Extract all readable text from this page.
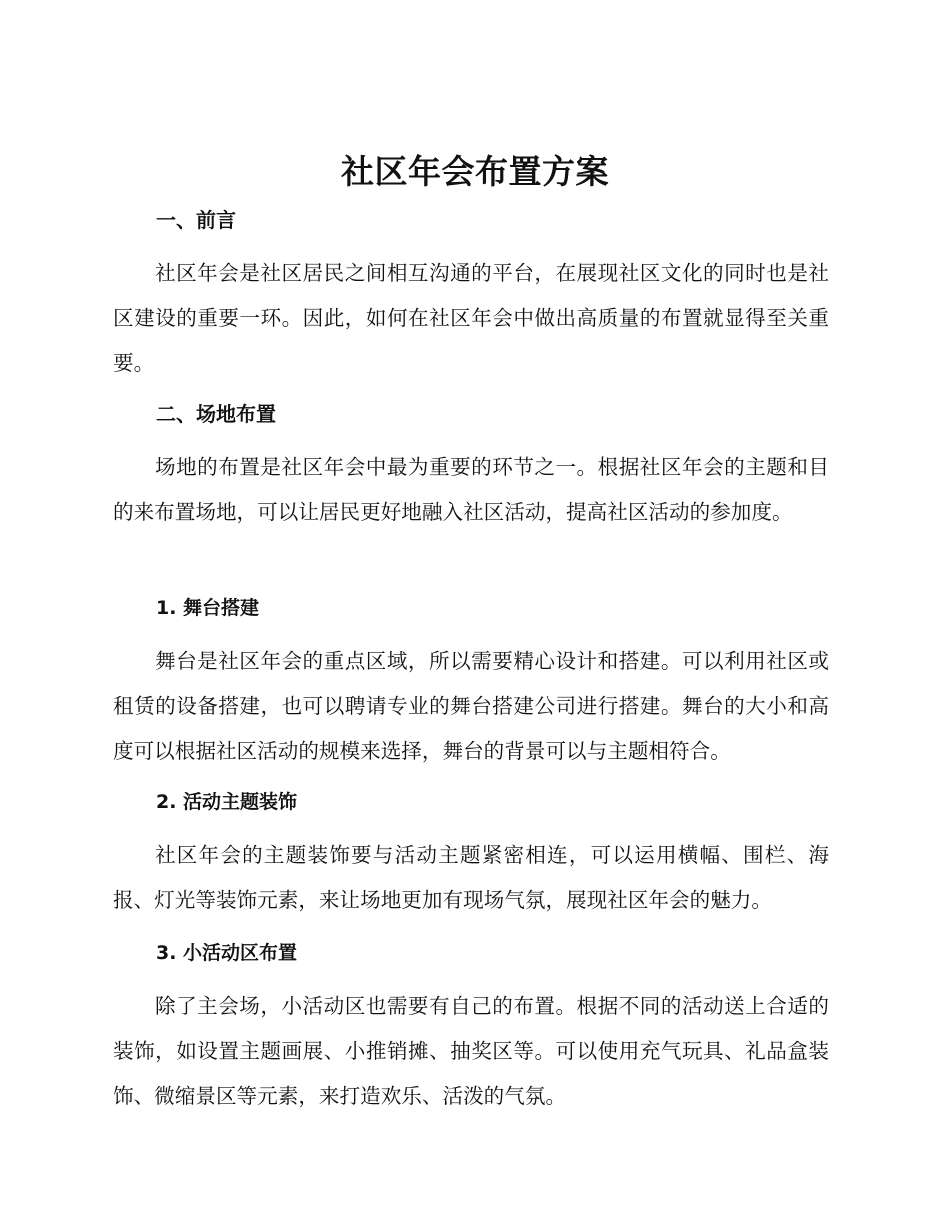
社区年会布置方案
一、前言

社区年会是社区居民之间相互沟通的平台，在展现社区文化的同时也是社区建设的重要一环。因此，如何在社区年会中做出高质量的布置就显得至关重要。

二、场地布置

场地的布置是社区年会中最为重要的环节之一。根据社区年会的主题和目的来布置场地，可以让居民更好地融入社区活动，提高社区活动的参加度。

1. 舞台搭建

舞台是社区年会的重点区域，所以需要精心设计和搭建。可以利用社区或租赁的设备搭建，也可以聘请专业的舞台搭建公司进行搭建。舞台的大小和高度可以根据社区活动的规模来选择，舞台的背景可以与主题相符合。

2. 活动主题装饰

社区年会的主题装饰要与活动主题紧密相连，可以运用横幅、围栏、海报、灯光等装饰元素，来让场地更加有现场气氛，展现社区年会的魅力。

3. 小活动区布置

除了主会场，小活动区也需要有自己的布置。根据不同的活动送上合适的装饰，如设置主题画展、小推销摊、抽奖区等。可以使用充气玩具、礼品盒装饰、微缩景区等元素，来打造欢乐、活泼的气氛。
